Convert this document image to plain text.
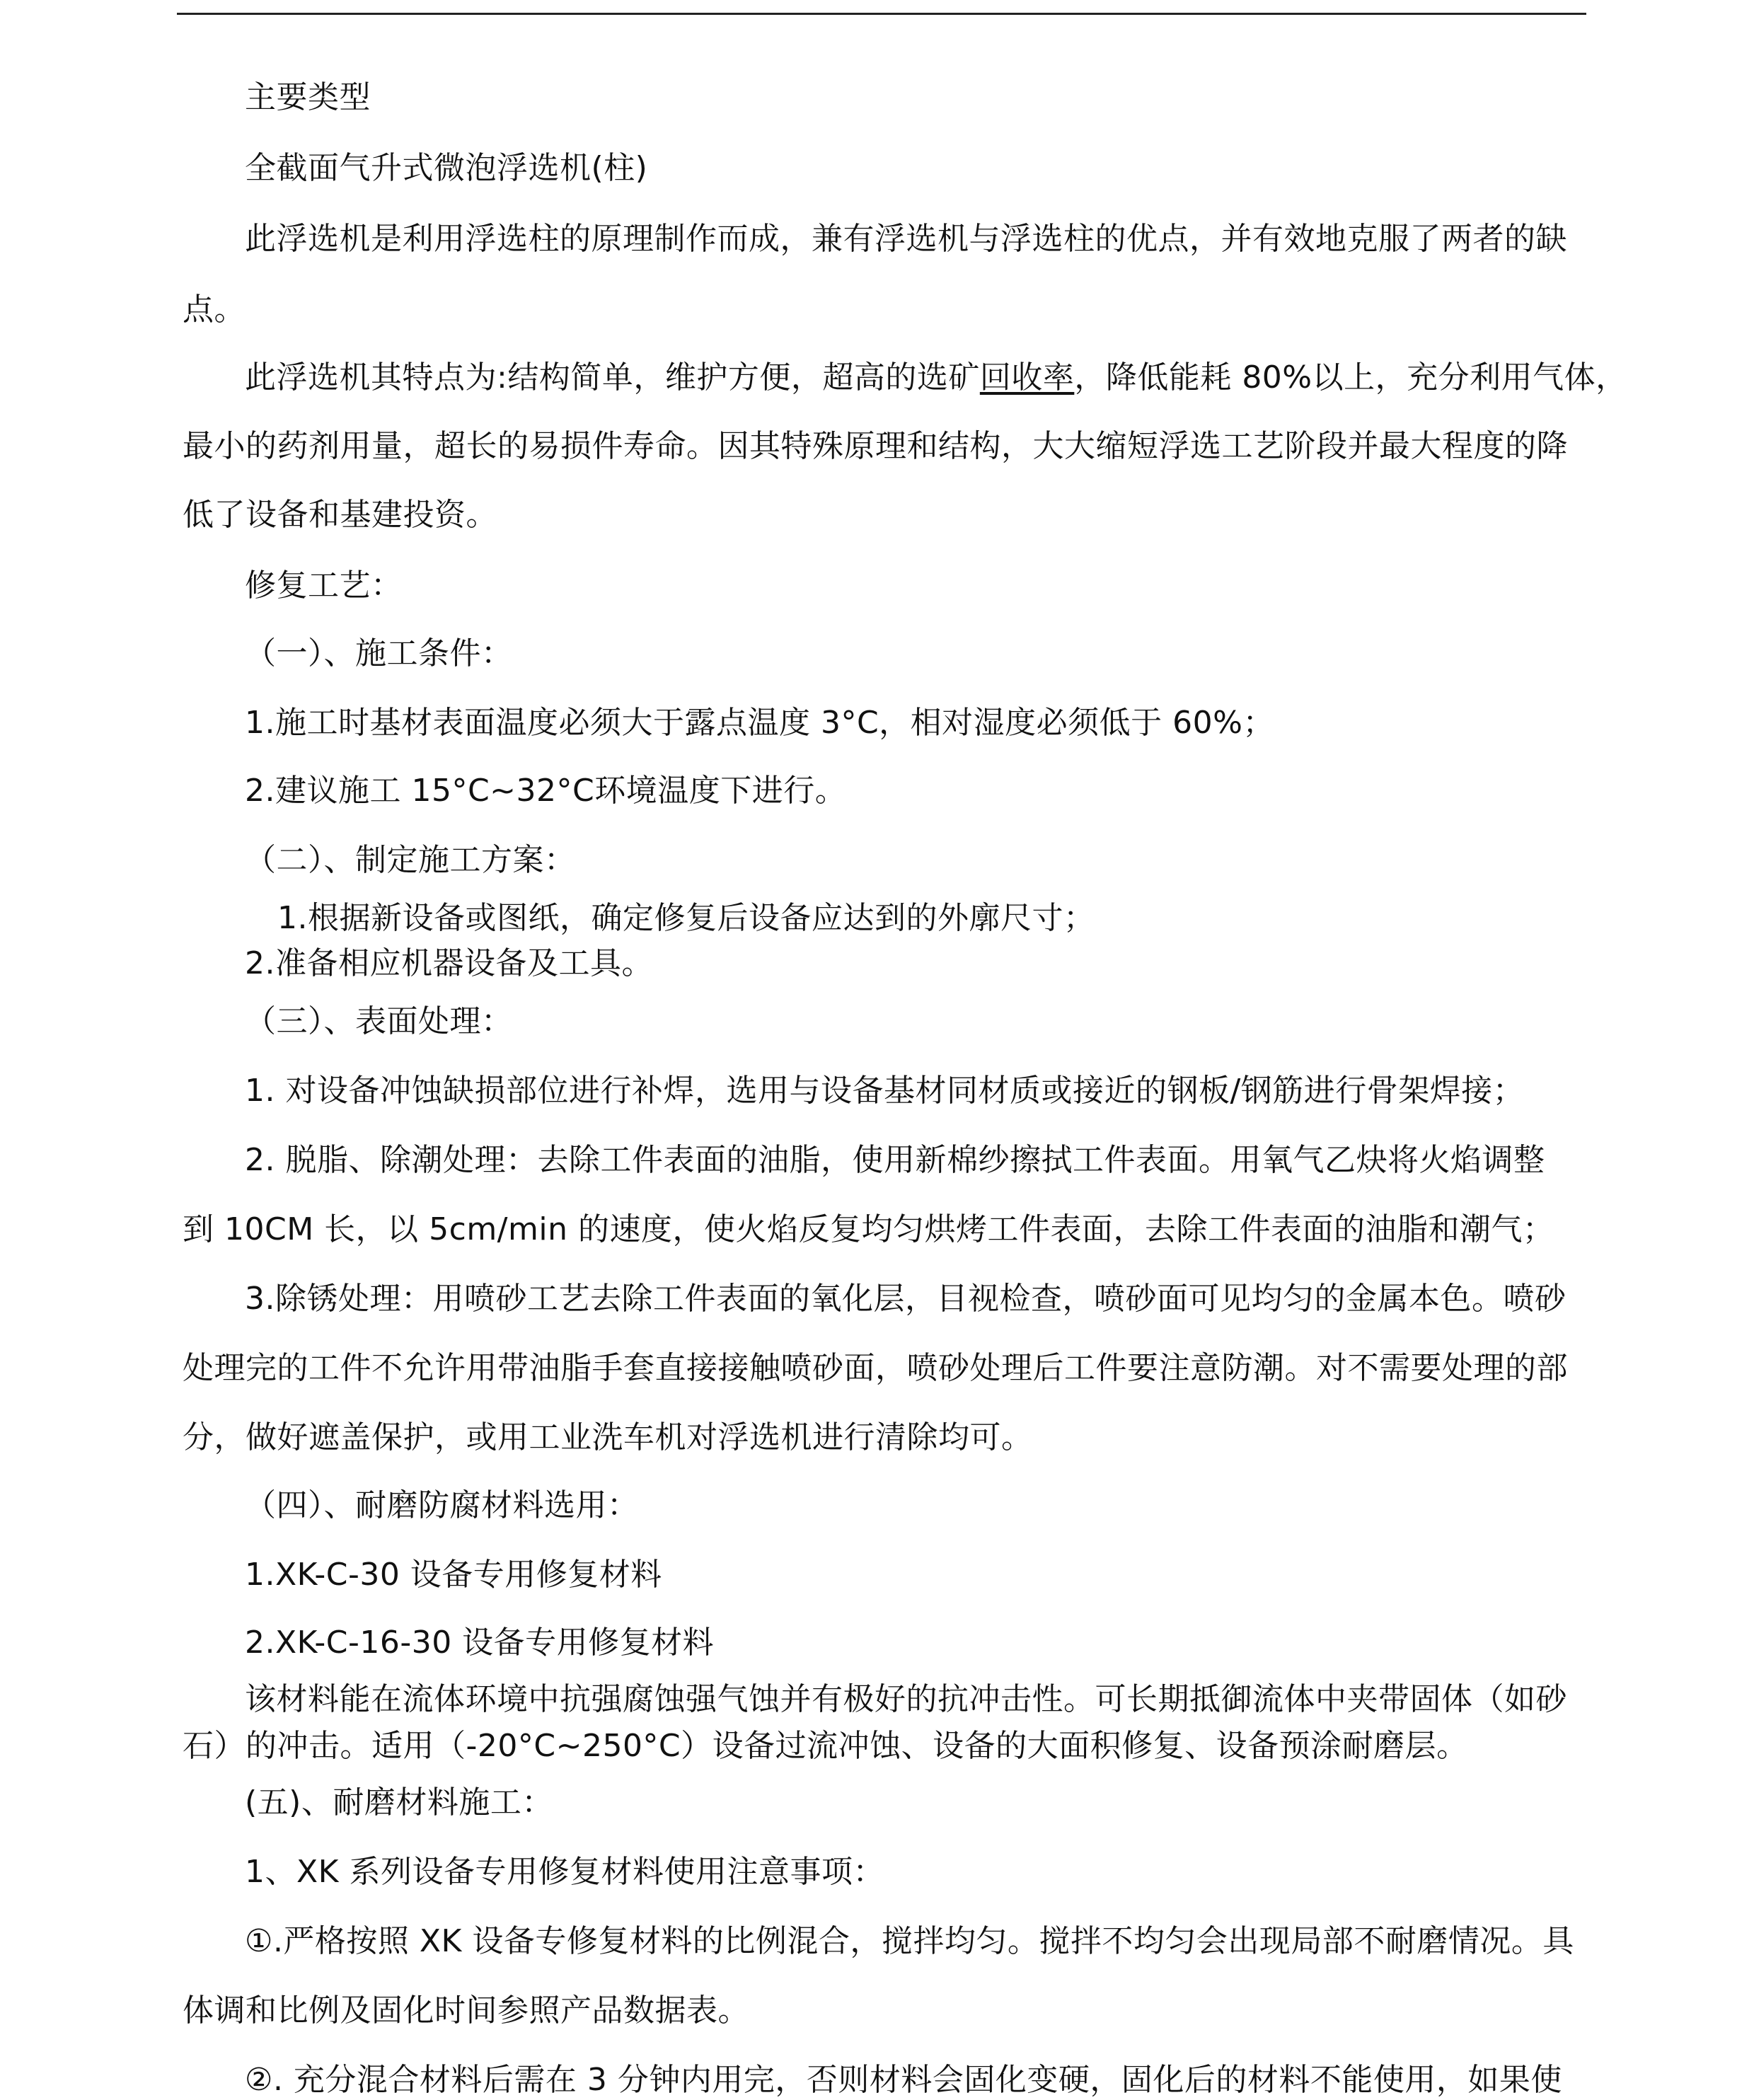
主要类型
全截面气升式微泡浮选机(柱)
此浮选机是利用浮选柱的原理制作而成，兼有浮选机与浮选柱的优点，并有效地克服了两者的缺
点。
此浮选机其特点为:结构简单，维护方便，超高的选矿回收率，降低能耗 80%以上，充分利用气体，
最小的药剂用量，超长的易损件寿命。因其特殊原理和结构，大大缩短浮选工艺阶段并最大程度的降
低了设备和基建投资。
修复工艺：
（一）、施工条件：
1.施工时基材表面温度必须大于露点温度 3°C，相对湿度必须低于 60%；
2.建议施工 15°C~32°C环境温度下进行。
（二）、制定施工方案：
1.根据新设备或图纸，确定修复后设备应达到的外廓尺寸；
2.准备相应机器设备及工具。
（三）、表面处理：
1. 对设备冲蚀缺损部位进行补焊，选用与设备基材同材质或接近的钢板/钢筋进行骨架焊接；
2. 脱脂、除潮处理：去除工件表面的油脂，使用新棉纱擦拭工件表面。用氧气乙炔将火焰调整
到 10CM 长，以 5cm/min 的速度，使火焰反复均匀烘烤工件表面，去除工件表面的油脂和潮气；
3.除锈处理：用喷砂工艺去除工件表面的氧化层，目视检查，喷砂面可见均匀的金属本色。喷砂
处理完的工件不允许用带油脂手套直接接触喷砂面，喷砂处理后工件要注意防潮。对不需要处理的部
分，做好遮盖保护，或用工业洗车机对浮选机进行清除均可。
（四）、耐磨防腐材料选用：
1.XK-C-30 设备专用修复材料
2.XK-C-16-30 设备专用修复材料
该材料能在流体环境中抗强腐蚀强气蚀并有极好的抗冲击性。可长期抵御流体中夹带固体（如砂
石）的冲击。适用（-20°C~250°C）设备过流冲蚀、设备的大面积修复、设备预涂耐磨层。
(五)、耐磨材料施工：
1、XK 系列设备专用修复材料使用注意事项：
①.严格按照 XK 设备专修复材料的比例混合，搅拌均匀。搅拌不均匀会出现局部不耐磨情况。具
体调和比例及固化时间参照产品数据表。
②. 充分混合材料后需在 3 分钟内用完，否则材料会固化变硬，固化后的材料不能使用，如果使
